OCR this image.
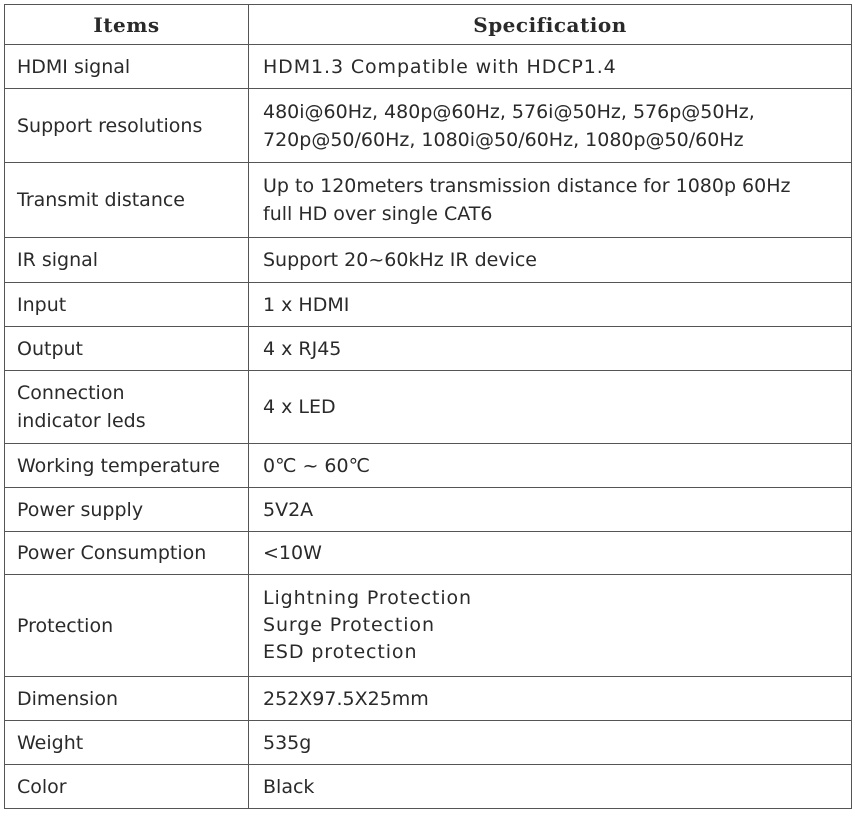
Items	Specification
HDMI signal	HDM1.3 Compatible with HDCP1.4
Support resolutions	480i@60Hz, 480p@60Hz, 576i@50Hz, 576p@50Hz,
720p@50/60Hz, 1080i@50/60Hz, 1080p@50/60Hz

Transmit distance	Up to 120meters transmission distance for 1080p 60Hz
full HD over single CAT6

IR signal	Support 20~60kHz IR device
Input	1 x HDMI
Output	4 x RJ45

Connection
indicator leds	4 x LED
Working temperature	0℃ ~ 60℃
Power supply	5V2A
Power Consumption	<10W
Protection	Lightning Protection
Surge Protection
ESD protection

Dimension	252X97.5X25mm
Weight	535g
Color	Black
